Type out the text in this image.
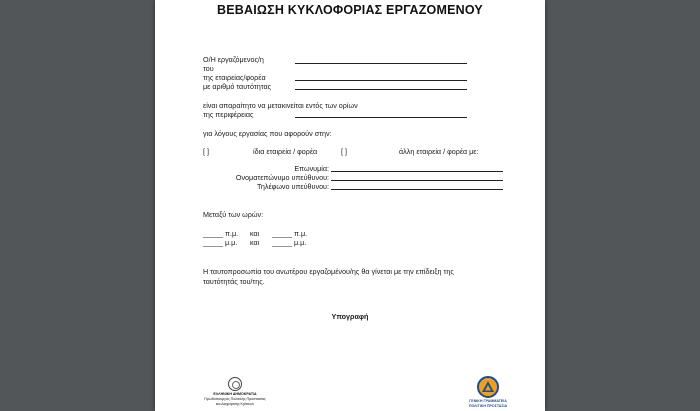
ΒΕΒΑΙΩΣΗ ΚΥΚΛΟΦΟΡΙΑΣ ΕΡΓΑΖΟΜΕΝΟΥ
Ο/Η εργαζόμενος/η
του
της εταιρείας/φορέα
με αριθμό ταυτότητας
είναι απαραίτητο να μετακινείται εντός των ορίων
της περιφέρειας
για λόγους εργασίας που αφορούν στην:
[ ]	ίδια εταιρεία / φορέα	[ ]	άλλη εταιρεία / φορέα με:
Επωνυμία:
Ονοματεπώνυμο υπεύθυνου:
Τηλέφωνο υπεύθυνου:
Μεταξύ των ωρών:
_____ π.μ. και _____ π.μ.
_____ μ.μ. και _____ μ.μ.
Η ταυτοπροσωπία του ανωτέρου εργαζομένου/ης θα γίνεται με την επίδειξη της
ταυτότητάς του/της.
Υπογραφή
ΕΛΛΗΝΙΚΗ ΔΗΜΟΚΡΑΤΙΑ
Πρωθυπουργός Πολιτικής Προστασίας
και Διαχείρισης Κρίσεων
ΓΕΝΙΚΗ ΓΡΑΜΜΑΤΕΙΑ
ΠΟΛΙΤΙΚΗ ΠΡΟΣΤΑΣΙΑ
